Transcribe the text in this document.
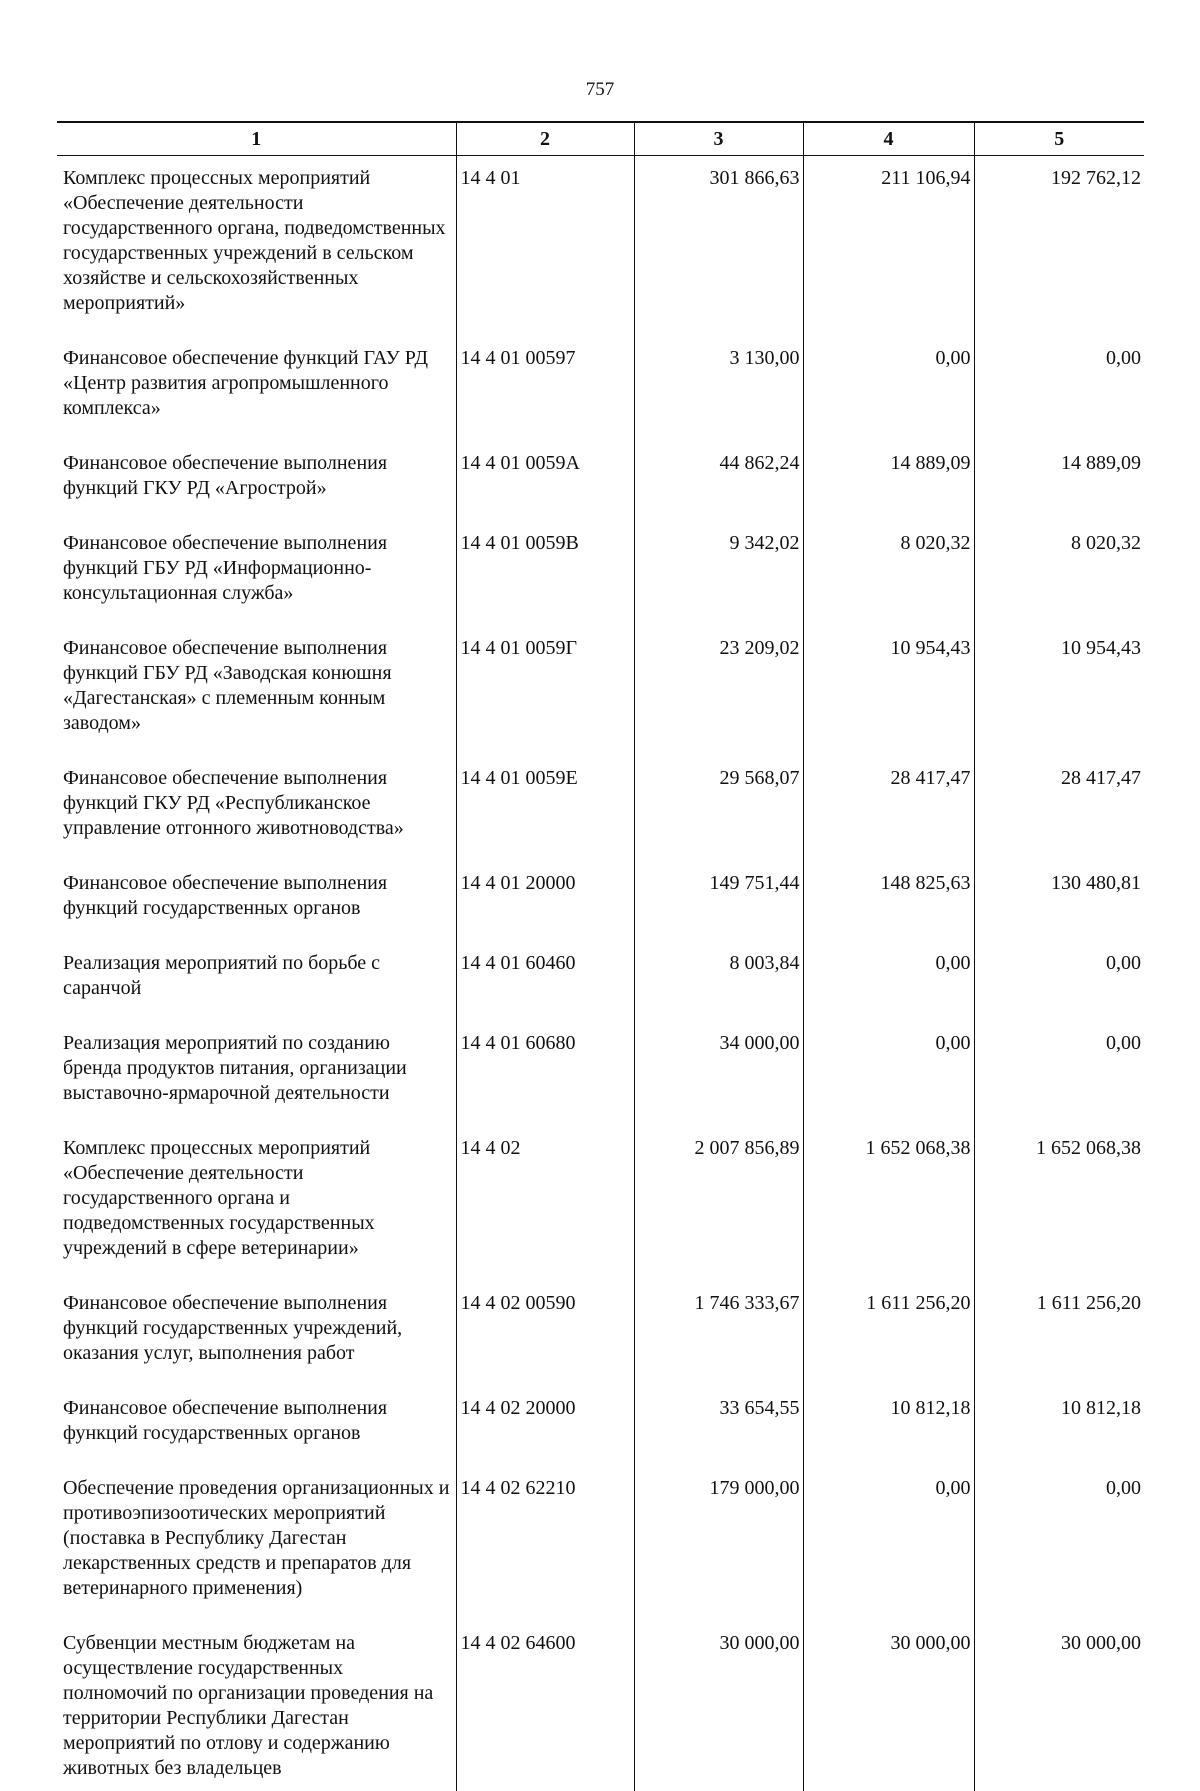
757
1	2	3	4	5
Комплекс процессных мероприятий «Обеспечение деятельности государственного органа, подведомственных государственных учреждений в сельском хозяйстве и сельскохозяйственных мероприятий»	14 4 01	301 866,63	211 106,94	192 762,12
Финансовое обеспечение функций ГАУ РД «Центр развития агропромышленного комплекса»	14 4 01 00597	3 130,00	0,00	0,00
Финансовое обеспечение выполнения функций ГКУ РД «Агрострой»	14 4 01 0059А	44 862,24	14 889,09	14 889,09
Финансовое обеспечение выполнения функций ГБУ РД «Информационно-консультационная служба»	14 4 01 0059В	9 342,02	8 020,32	8 020,32
Финансовое обеспечение выполнения функций ГБУ РД «Заводская конюшня «Дагестанская» с племенным конным заводом»	14 4 01 0059Г	23 209,02	10 954,43	10 954,43
Финансовое обеспечение выполнения функций ГКУ РД «Республиканское управление отгонного животноводства»	14 4 01 0059Е	29 568,07	28 417,47	28 417,47
Финансовое обеспечение выполнения функций государственных органов	14 4 01 20000	149 751,44	148 825,63	130 480,81
Реализация мероприятий по борьбе с саранчой	14 4 01 60460	8 003,84	0,00	0,00
Реализация мероприятий по созданию бренда продуктов питания, организации выставочно-ярмарочной деятельности	14 4 01 60680	34 000,00	0,00	0,00
Комплекс процессных мероприятий «Обеспечение деятельности государственного органа и подведомственных государственных учреждений в сфере ветеринарии»	14 4 02	2 007 856,89	1 652 068,38	1 652 068,38
Финансовое обеспечение выполнения функций государственных учреждений, оказания услуг, выполнения работ	14 4 02 00590	1 746 333,67	1 611 256,20	1 611 256,20
Финансовое обеспечение выполнения функций государственных органов	14 4 02 20000	33 654,55	10 812,18	10 812,18
Обеспечение проведения организационных и противоэпизоотических мероприятий (поставка в Республику Дагестан лекарственных средств и препаратов для ветеринарного применения)	14 4 02 62210	179 000,00	0,00	0,00
Субвенции местным бюджетам на осуществление государственных полномочий по организации проведения на территории Республики Дагестан мероприятий по отлову и содержанию животных без владельцев	14 4 02 64600	30 000,00	30 000,00	30 000,00
